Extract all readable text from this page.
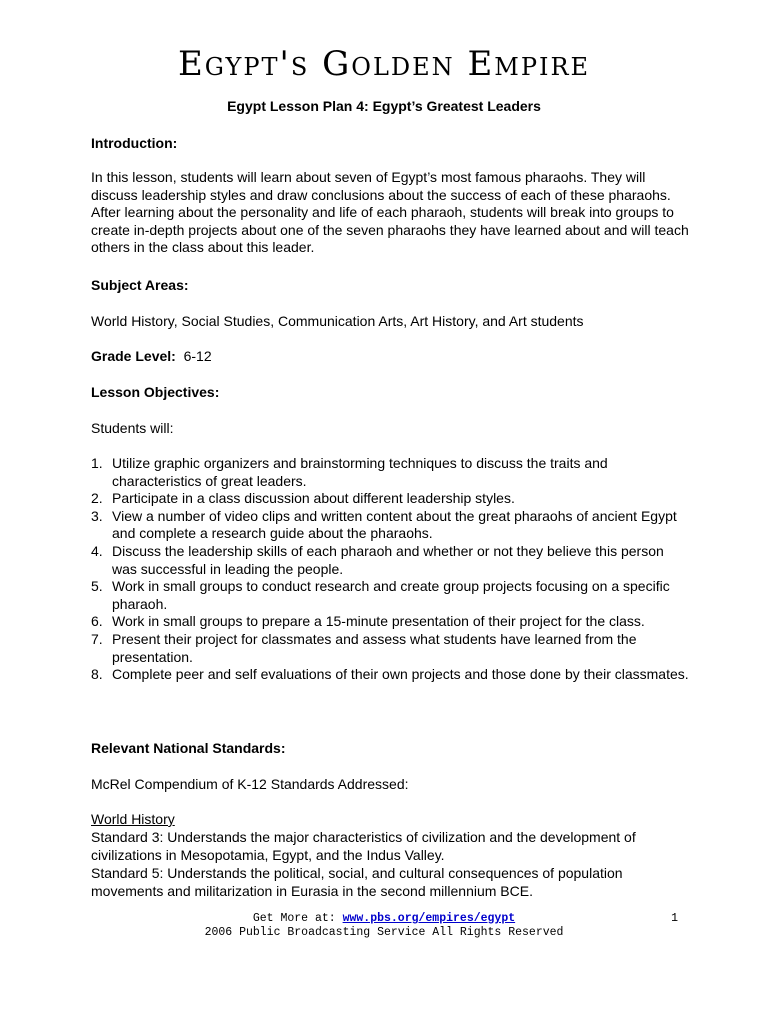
Egypt's Golden Empire
Egypt Lesson Plan 4: Egypt’s Greatest Leaders
Introduction:
In this lesson, students will learn about seven of Egypt’s most famous pharaohs. They will discuss leadership styles and draw conclusions about the success of each of these pharaohs. After learning about the personality and life of each pharaoh, students will break into groups to create in-depth projects about one of the seven pharaohs they have learned about and will teach others in the class about this leader.
Subject Areas:
World History, Social Studies, Communication Arts, Art History, and Art students
Grade Level: 6-12
Lesson Objectives:
Students will:
1. Utilize graphic organizers and brainstorming techniques to discuss the traits and characteristics of great leaders.
2. Participate in a class discussion about different leadership styles.
3. View a number of video clips and written content about the great pharaohs of ancient Egypt and complete a research guide about the pharaohs.
4. Discuss the leadership skills of each pharaoh and whether or not they believe this person was successful in leading the people.
5. Work in small groups to conduct research and create group projects focusing on a specific pharaoh.
6. Work in small groups to prepare a 15-minute presentation of their project for the class.
7. Present their project for classmates and assess what students have learned from the presentation.
8. Complete peer and self evaluations of their own projects and those done by their classmates.
Relevant National Standards:
McRel Compendium of K-12 Standards Addressed:
World History
Standard 3: Understands the major characteristics of civilization and the development of civilizations in Mesopotamia, Egypt, and the Indus Valley.
Standard 5: Understands the political, social, and cultural consequences of population movements and militarization in Eurasia in the second millennium BCE.
Get More at: www.pbs.org/empires/egypt
2006 Public Broadcasting Service All Rights Reserved
1
